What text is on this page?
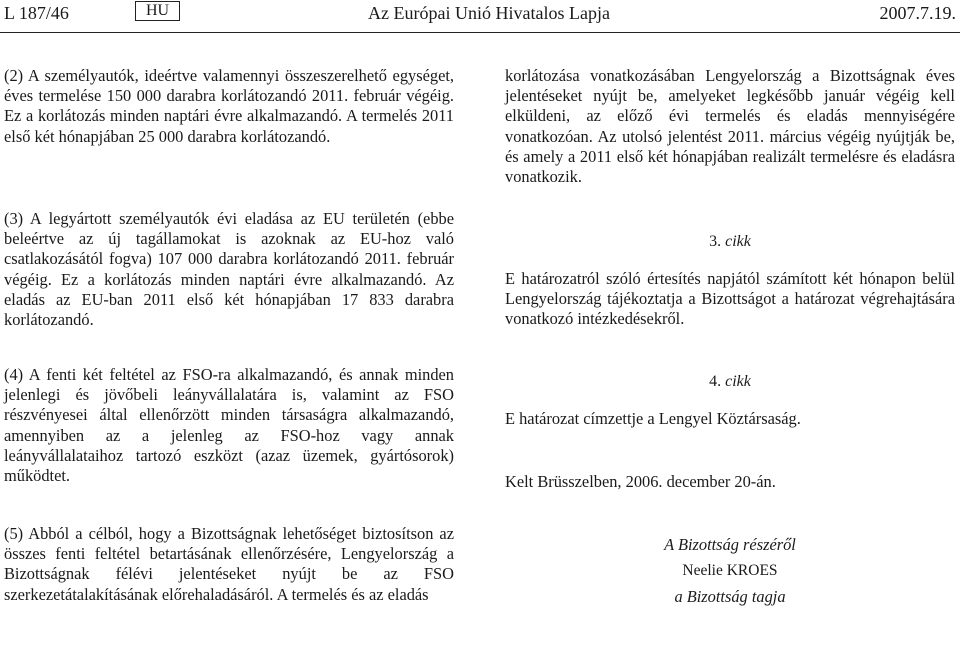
L 187/46	HU	Az Európai Unió Hivatalos Lapja	2007.7.19.
(2) A személyautók, ideértve valamennyi összeszerelhető egységet, éves termelése 150 000 darabra korlátozandó 2011. február végéig. Ez a korlátozás minden naptári évre alkalmazandó. A termelés 2011 első két hónapjában 25 000 darabra korlátozandó.
(3) A legyártott személyautók évi eladása az EU területén (ebbe beleértve az új tagállamokat is azoknak az EU-hoz való csatlakozásától fogva) 107 000 darabra korlátozandó 2011. február végéig. Ez a korlátozás minden naptári évre alkalmazandó. Az eladás az EU-ban 2011 első két hónapjában 17 833 darabra korlátozandó.
(4) A fenti két feltétel az FSO-ra alkalmazandó, és annak minden jelenlegi és jövőbeli leányvállalatára is, valamint az FSO részvényesei által ellenőrzött minden társaságra alkalmazandó, amennyiben az a jelenleg az FSO-hoz vagy annak leányvállalataihoz tartozó eszközt (azaz üzemek, gyártósorok) működtet.
(5) Abból a célból, hogy a Bizottságnak lehetőséget biztosítson az összes fenti feltétel betartásának ellenőrzésére, Lengyelország a Bizottságnak félévi jelentéseket nyújt be az FSO szerkezetátalakításának előrehaladásáról. A termelés és az eladás
korlátozása vonatkozásában Lengyelország a Bizottságnak éves jelentéseket nyújt be, amelyeket legkésőbb január végéig kell elküldeni, az előző évi termelés és eladás mennyiségére vonatkozóan. Az utolsó jelentést 2011. március végéig nyújtják be, és amely a 2011 első két hónapjában realizált termelésre és eladásra vonatkozik.
3. cikk
E határozatról szóló értesítés napjától számított két hónapon belül Lengyelország tájékoztatja a Bizottságot a határozat végrehajtására vonatkozó intézkedésekről.
4. cikk
E határozat címzettje a Lengyel Köztársaság.
Kelt Brüsszelben, 2006. december 20-án.
A Bizottság részéről
Neelie KROES
a Bizottság tagja
